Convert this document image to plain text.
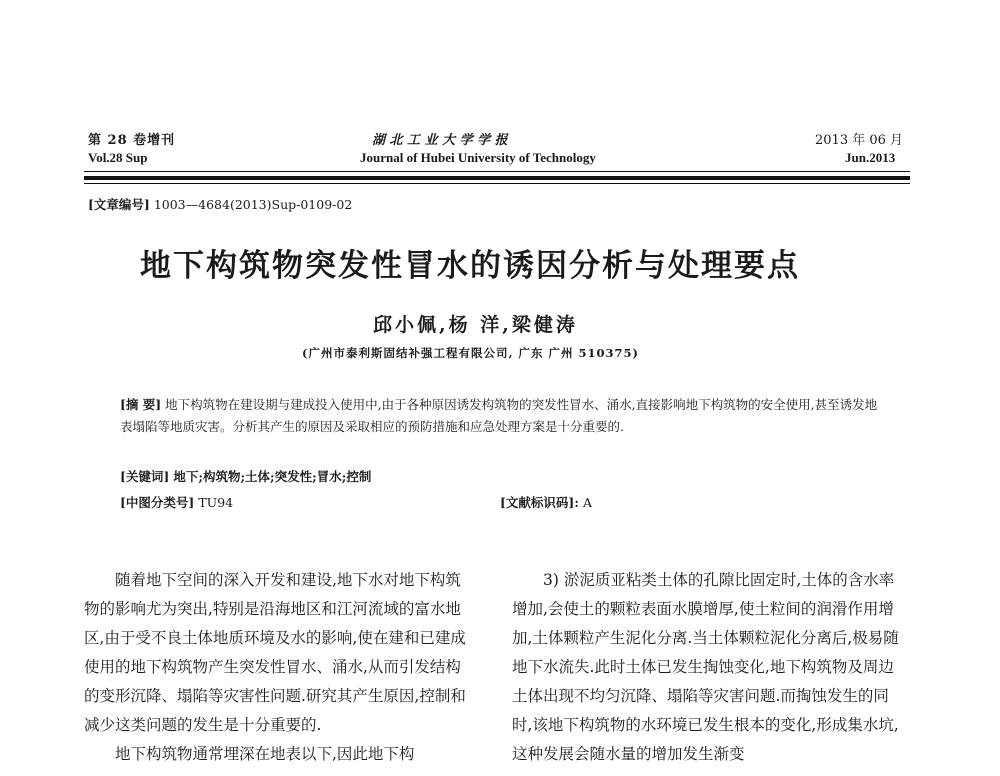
第 28 卷增刊
Vol.28 Sup
湖 北 工 业 大 学 学 报
Journal of Hubei University of Technology
2013 年 06 月
Jun.2013
[文章编号] 1003—4684(2013)Sup-0109-02
地下构筑物突发性冒水的诱因分析与处理要点
邱小佩,杨 洋,梁健涛
(广州市泰利斯固结补强工程有限公司, 广东 广州 510375)
[摘 要] 地下构筑物在建设期与建成投入使用中,由于各种原因诱发构筑物的突发性冒水、涌水,直接影响地下构筑物的安全使用,甚至诱发地表塌陷等地质灾害。分析其产生的原因及采取相应的预防措施和应急处理方案是十分重要的.
[关键词] 地下;构筑物;土体;突发性;冒水;控制
[中图分类号] TU94	[文献标识码]: A

随着地下空间的深入开发和建设,地下水对地下构筑物的影响尤为突出,特别是沿海地区和江河流域的富水地区,由于受不良土体地质环境及水的影响,使在建和已建成使用的地下构筑物产生突发性冒水、涌水,从而引发结构的变形沉降、塌陷等灾害性问题.研究其产生原因,控制和减少这类问题的发生是十分重要的.

地下构筑物通常埋深在地表以下,因此地下构

3) 淤泥质亚粘类土体的孔隙比固定时,土体的含水率增加,会使土的颗粒表面水膜增厚,使土粒间的润滑作用增加,土体颗粒产生泥化分离.当土体颗粒泥化分离后,极易随地下水流失.此时土体已发生掏蚀变化,地下构筑物及周边土体出现不均匀沉降、塌陷等灾害问题.而掏蚀发生的同时,该地下构筑物的水环境已发生根本的变化,形成集水坑,这种发展会随水量的增加发生渐变
